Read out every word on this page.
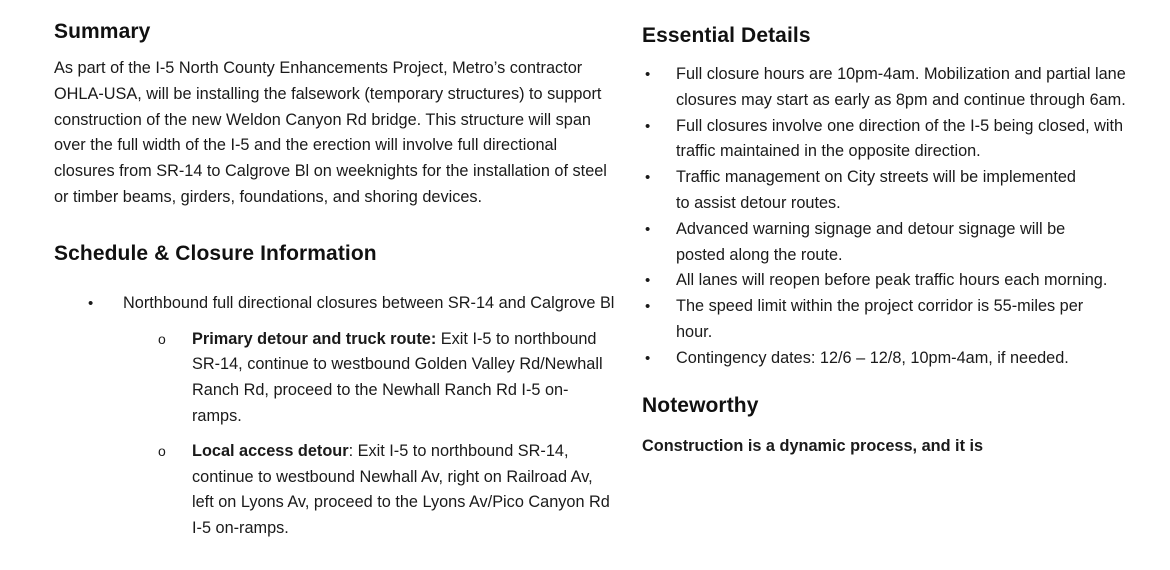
Summary

As part of the I-5 North County Enhancements Project, Metro’s contractor OHLA-USA, will be installing the falsework (temporary structures) to support construction of the new Weldon Canyon Rd bridge. This structure will span over the full width of the I-5 and the erection will involve full directional closures from SR-14 to Calgrove Bl on weeknights for the installation of steel or timber beams, girders, foundations, and shoring devices.

Schedule & Closure Information
• Northbound full directional closures between SR-14 and Calgrove Bl
o Primary detour and truck route: Exit I-5 to northbound SR-14, continue to westbound Golden Valley Rd/Newhall Ranch Rd, proceed to the Newhall Ranch Rd I-5 on-ramps.
o Local access detour: Exit I-5 to northbound SR-14, continue to westbound Newhall Av, right on Railroad Av, left on Lyons Av, proceed to the Lyons Av/Pico Canyon Rd I-5 on-ramps.
Essential Details
• Full closure hours are 10pm-4am. Mobilization and partial lane closures may start as early as 8pm and continue through 6am.
• Full closures involve one direction of the I-5 being closed, with traffic maintained in the opposite direction.
• Traffic management on City streets will be implemented to assist detour routes.
• Advanced warning signage and detour signage will be posted along the route.
• All lanes will reopen before peak traffic hours each morning.
• The speed limit within the project corridor is 55-miles per hour.
• Contingency dates: 12/6 – 12/8, 10pm-4am, if needed.
Noteworthy

Construction is a dynamic process, and it is
